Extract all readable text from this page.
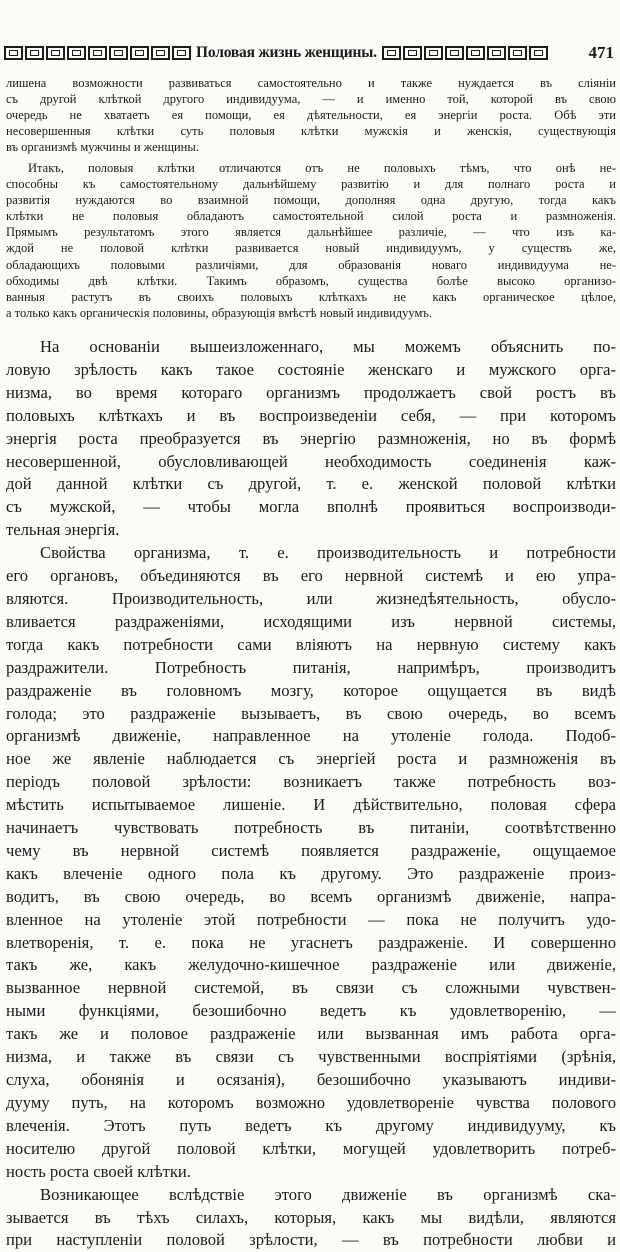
Половая жизнь женщины.	471
лишена возможности развиваться самостоятельно и также нуждается въ сліяніи
съ другой клѣткой другого индивидуума, — и именно той, которой въ свою
очередь не хватаетъ ея помощи, ея дѣятельности, ея энергіи роста. Обѣ эти
несовершенныя клѣтки суть половыя клѣтки мужскія и женскія, существующія
въ организмѣ мужчины и женщины.
Итакъ, половыя клѣтки отличаются отъ не половыхъ тѣмъ, что онѣ не-
способны къ самостоятельному дальнѣйшему развитію и для полнаго роста и
развитія нуждаются во взаимной помощи, дополняя одна другую, тогда какъ
клѣтки не половыя обладаютъ самостоятельной силой роста и размноженія.
Прямымъ результатомъ этого является дальнѣйшее различіе, — что изъ ка-
ждой не половой клѣтки развивается новый индивидуумъ, у существъ же,
обладающихъ половыми различіями, для образованія новаго индивидуума не-
обходимы двѣ клѣтки. Такимъ образомъ, существа болѣе высоко организо-
ванныя растутъ въ своихъ половыхъ клѣткахъ не какъ органическое цѣлое,
а только какъ органическія половины, образующія вмѣстѣ новый индивидуумъ.
На основаніи вышеизложеннаго, мы можемъ объяснить по-
ловую зрѣлость какъ такое состояніе женскаго и мужского орга-
низма, во время котораго организмъ продолжаетъ свой ростъ въ
половыхъ клѣткахъ и въ воспроизведеніи себя, — при которомъ
энергія роста преобразуется въ энергію размноженія, но въ формѣ
несовершенной, обусловливающей необходимость соединенія каж-
дой данной клѣтки съ другой, т. е. женской половой клѣтки
съ мужской, — чтобы могла вполнѣ проявиться воспроизводи-
тельная энергія.
Свойства организма, т. е. производительность и потребности
его органовъ, объединяются въ его нервной системѣ и ею упра-
вляются. Производительность, или жизнедѣятельность, обусло-
вливается раздраженіями, исходящими изъ нервной системы,
тогда какъ потребности сами вліяютъ на нервную систему какъ
раздражители. Потребность питанія, напримѣръ, производитъ
раздраженіе въ головномъ мозгу, которое ощущается въ видѣ
голода; это раздраженіе вызываетъ, въ свою очередь, во всемъ
организмѣ движеніе, направленное на утоленіе голода. Подоб-
ное же явленіе наблюдается съ энергіей роста и размноженія въ
періодъ половой зрѣлости: возникаетъ также потребность воз-
мѣстить испытываемое лишеніе. И дѣйствительно, половая сфера
начинаетъ чувствовать потребность въ питаніи, соотвѣтственно
чему въ нервной системѣ появляется раздраженіе, ощущаемое
какъ влеченіе одного пола къ другому. Это раздраженіе произ-
водитъ, въ свою очередь, во всемъ организмѣ движеніе, напра-
вленное на утоленіе этой потребности — пока не получитъ удо-
влетворенія, т. е. пока не угаснетъ раздраженіе. И совершенно
такъ же, какъ желудочно-кишечное раздраженіе или движеніе,
вызванное нервной системой, въ связи съ сложными чувствен-
ными функціями, безошибочно ведетъ къ удовлетворенію, —
такъ же и половое раздраженіе или вызванная имъ работа орга-
низма, и также въ связи съ чувственными воспріятіями (зрѣнія,
слуха, обонянія и осязанія), безошибочно указываютъ индиви-
дууму путь, на которомъ возможно удовлетвореніе чувства полового
влеченія. Этотъ путь ведетъ къ другому индивидууму, къ
носителю другой половой клѣтки, могущей удовлетворить потреб-
ность роста своей клѣтки.
Возникающее вслѣдствіе этого движеніе въ организмѣ ска-
зывается въ тѣхъ силахъ, которыя, какъ мы видѣли, являются
при наступленіи половой зрѣлости, — въ потребности любви и
